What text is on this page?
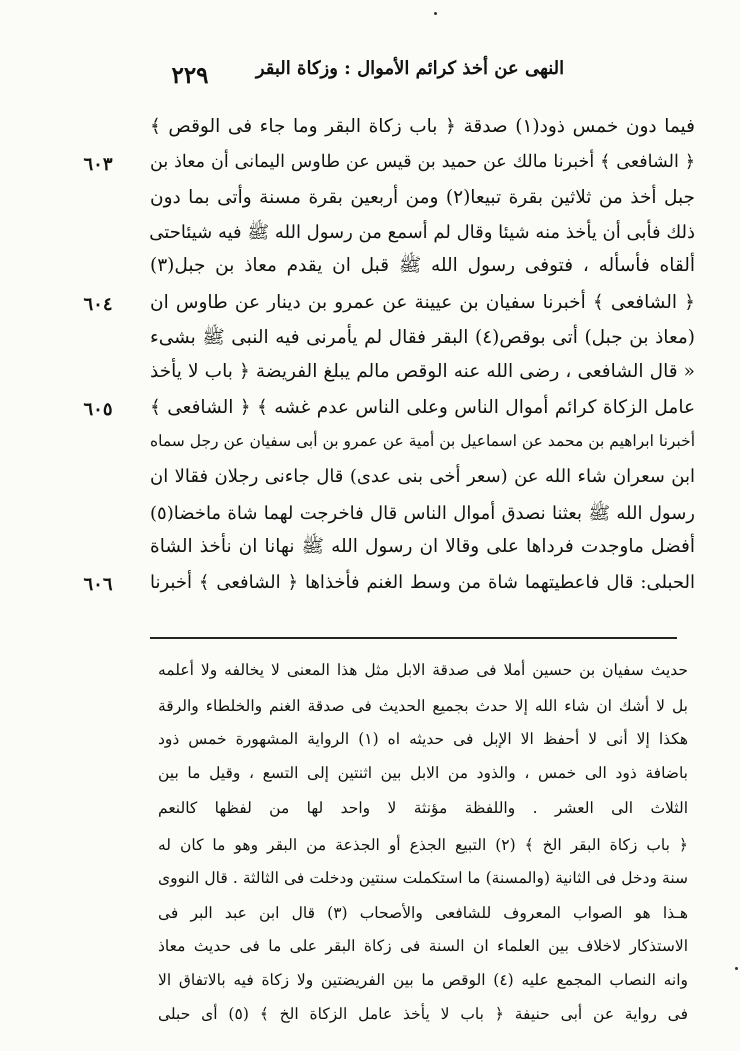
النهى عن أخذ كرائم الأموال : وزكاة البقر
٢٢٩
فيما دون خمس ذود(١) صدقة ﴿ باب زكاة البقر وما جاء فى الوقص ﴾
﴿ الشافعى ﴾ أخبرنا مالك عن حميد بن قيس عن طاوس اليمانى أن معاذ بن
جبل أخذ من ثلاثين بقرة تبيعا(٢) ومن أربعين بقرة مسنة وأتى بما دون
ذلك فأبى أن يأخذ منه شيئا وقال لم أسمع من رسول الله ﷺ فيه شيئاحتى
ألقاه فأسأله ، فتوفى رسول الله ﷺ قبل ان يقدم معاذ بن جبل(٣)
﴿ الشافعى ﴾ أخبرنا سفيان بن عيينة عن عمرو بن دينار عن طاوس ان
(معاذ بن جبل) أتى بوقص(٤) البقر فقال لم يأمرنى فيه النبى ﷺ بشىء
« قال الشافعى ، رضى الله عنه الوقص مالم يبلغ الفريضة ﴿ باب لا يأخذ
عامل الزكاة كرائم أموال الناس وعلى الناس عدم غشه ﴾ ﴿ الشافعى ﴾
أخبرنا ابراهيم بن محمد عن اسماعيل بن أمية عن عمرو بن أبى سفيان عن رجل سماه
ابن سعران شاء الله عن (سعر أخى بنى عدى) قال جاءنى رجلان فقالا ان
رسول الله ﷺ بعثنا نصدق أموال الناس قال فاخرجت لهما شاة ماخضا(٥)
أفضل ماوجدت فرداها على وقالا ان رسول الله ﷺ نهانا ان نأخذ الشاة
الحبلى: قال فاعطيتهما شاة من وسط الغنم فأخذاها ﴿ الشافعى ﴾ أخبرنا
٦٠٣
٦٠٤
٦٠٥
٦٠٦
حديث سفيان بن حسين أملا فى صدقة الابل مثل هذا المعنى لا يخالفه ولا أعلمه
بل لا أشك ان شاء الله إلا حدث بجميع الحديث فى صدقة الغنم والخلطاء والرقة
هكذا إلا أنى لا أحفظ الا الإبل فى حديثه اه (١) الرواية المشهورة خمس ذود
باضافة ذود الى خمس ، والذود من الابل بين اثنتين إلى التسع ، وقيل ما بين
الثلاث الى العشر . واللفظة مؤنثة لا واحد لها من لفظها كالنعم
﴿ باب زكاة البقر الخ ﴾ (٢) التبيع الجذع أو الجذعة من البقر وهو ما كان له
سنة ودخل فى الثانية (والمسنة) ما استكملت سنتين ودخلت فى الثالثة . قال النووى
هـذا هو الصواب المعروف للشافعى والأصحاب (٣) قال ابن عبد البر فى
الاستذكار لاخلاف بين العلماء ان السنة فى زكاة البقر على ما فى حديث معاذ
وانه النصاب المجمع عليه (٤) الوقص ما بين الفريضتين ولا زكاة فيه بالاتفاق الا
فى رواية عن أبى حنيفة ﴿ باب لا يأخذ عامل الزكاة الخ ﴾ (٥) أى حبلى
